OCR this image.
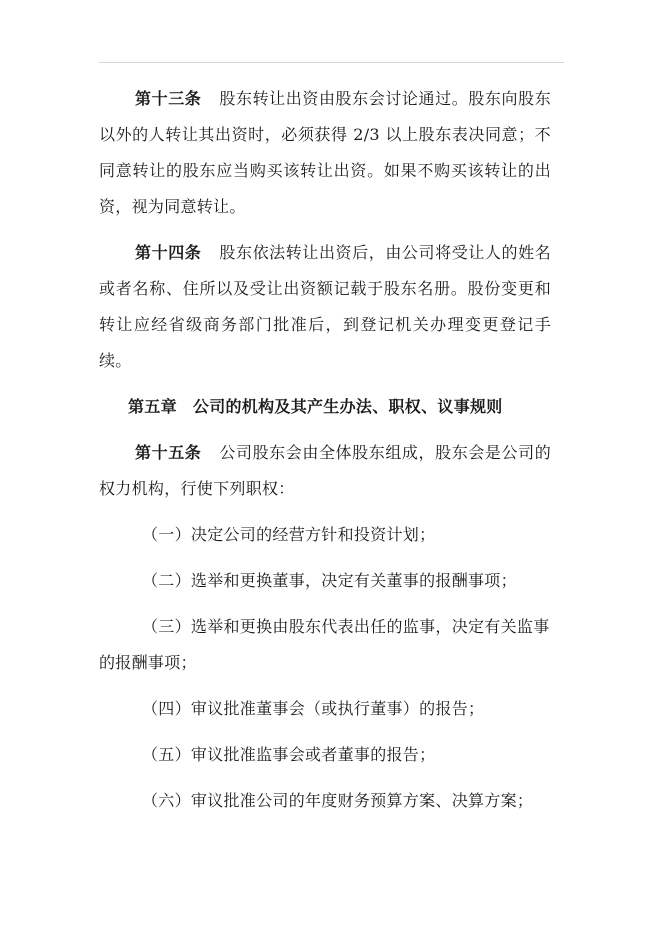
第十三条 股东转让出资由股东会讨论通过。股东向股东以外的人转让其出资时，必须获得 2/3 以上股东表决同意；不同意转让的股东应当购买该转让出资。如果不购买该转让的出资，视为同意转让。

第十四条 股东依法转让出资后，由公司将受让人的姓名或者名称、住所以及受让出资额记载于股东名册。股份变更和转让应经省级商务部门批准后，到登记机关办理变更登记手续。

第五章 公司的机构及其产生办法、职权、议事规则

第十五条 公司股东会由全体股东组成，股东会是公司的权力机构，行使下列职权：

（一）决定公司的经营方针和投资计划；

（二）选举和更换董事，决定有关董事的报酬事项；

（三）选举和更换由股东代表出任的监事，决定有关监事的报酬事项；

（四）审议批准董事会（或执行董事）的报告；

（五）审议批准监事会或者董事的报告；

（六）审议批准公司的年度财务预算方案、决算方案；
